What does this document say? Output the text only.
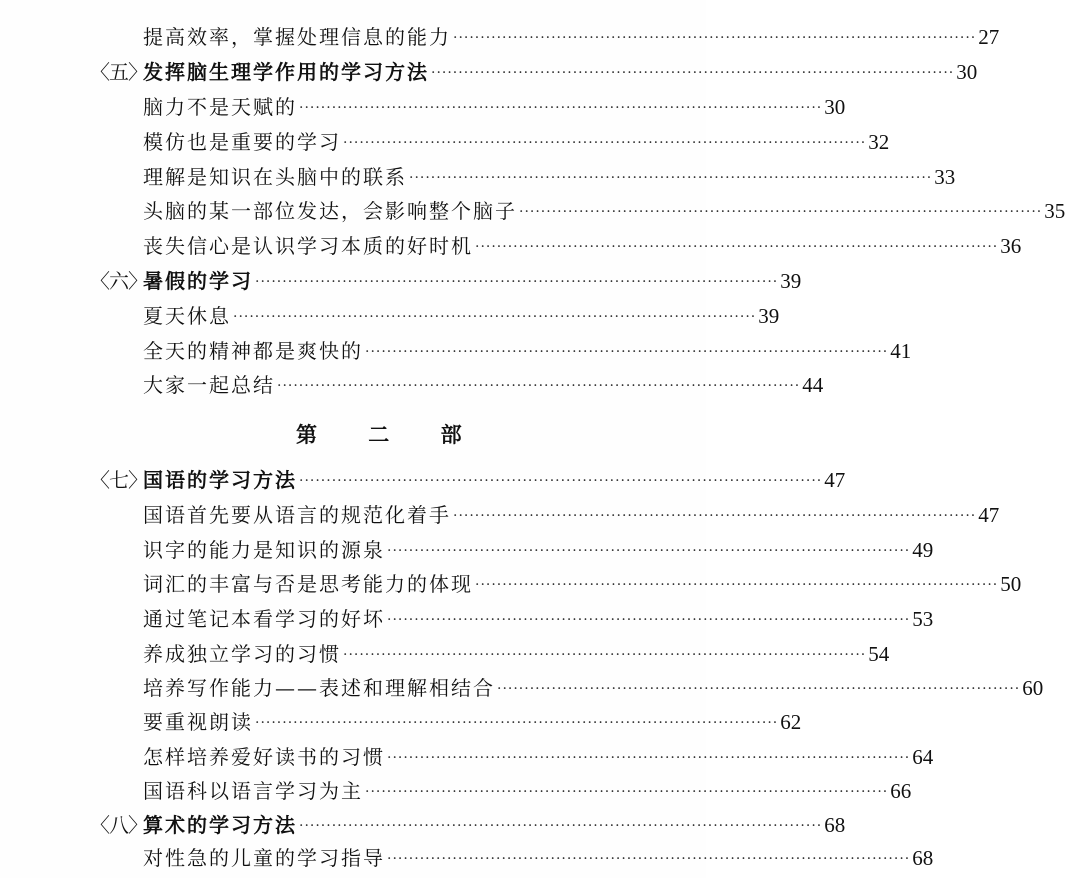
提高效率，掌握处理信息的能力 ································································································ 27
〈五〉
发挥脑生理学作用的学习方法 ································································································ 30
脑力不是天赋的 ································································································ 30
模仿也是重要的学习 ································································································ 32
理解是知识在头脑中的联系 ································································································ 33
头脑的某一部位发达，会影响整个脑子 ································································································ 35
丧失信心是认识学习本质的好时机 ································································································ 36
〈六〉
暑假的学习 ································································································ 39
夏天休息 ································································································ 39
全天的精神都是爽快的 ································································································ 41
大家一起总结 ································································································ 44
第 二 部
〈七〉
国语的学习方法 ································································································ 47
国语首先要从语言的规范化着手 ································································································ 47
识字的能力是知识的源泉 ································································································ 49
词汇的丰富与否是思考能力的体现 ································································································ 50
通过笔记本看学习的好坏 ································································································ 53
养成独立学习的习惯 ································································································ 54
培养写作能力——表述和理解相结合 ································································································ 60
要重视朗读 ································································································ 62
怎样培养爱好读书的习惯 ································································································ 64
国语科以语言学习为主 ································································································ 66
〈八〉
算术的学习方法 ································································································ 68
对性急的儿童的学习指导 ································································································ 68
